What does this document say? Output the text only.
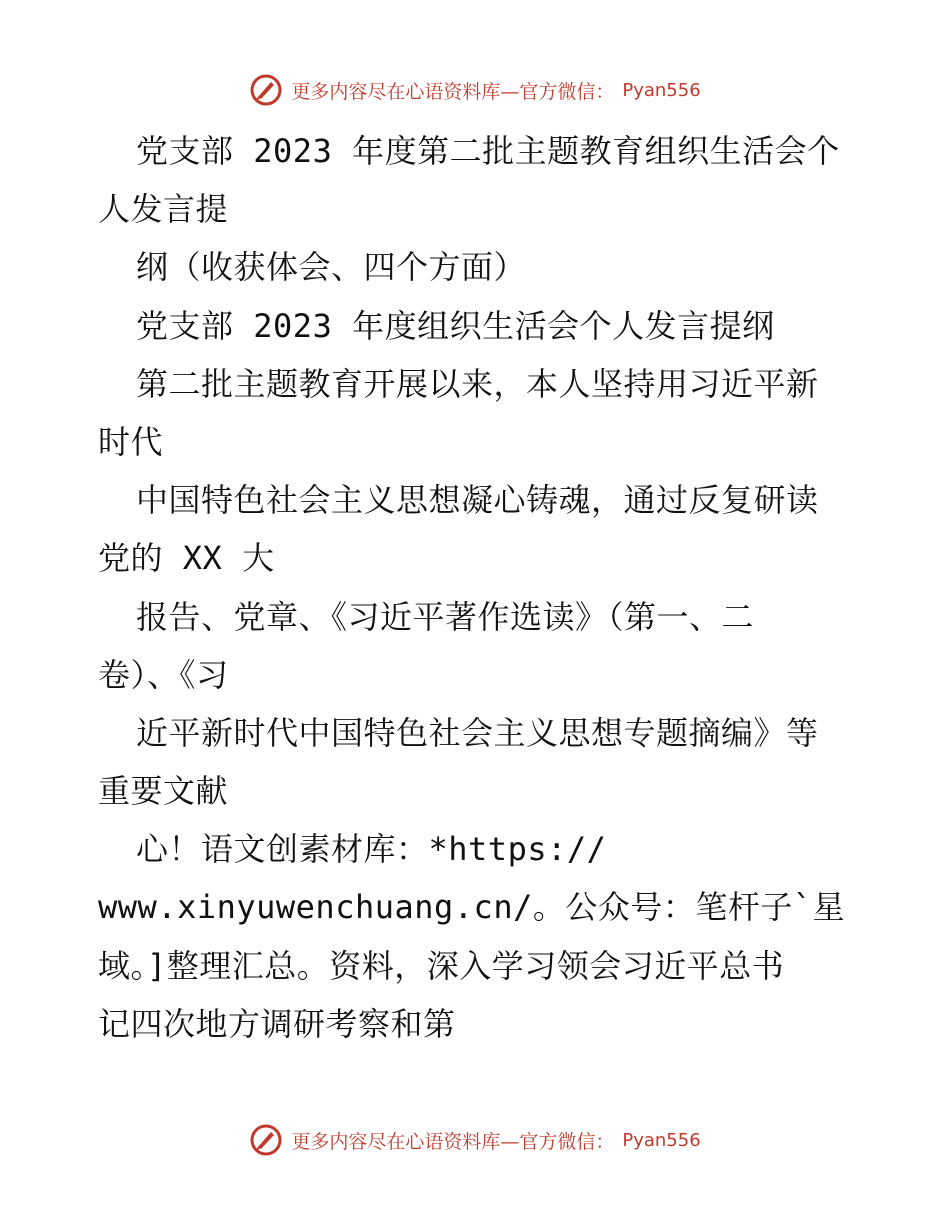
更多内容尽在心语资料库—官方微信： Pyan556
党支部 2023 年度第二批主题教育组织生活会个
人发言提
纲（收获体会、四个方面）
党支部 2023 年度组织生活会个人发言提纲
第二批主题教育开展以来，本人坚持用习近平新
时代
中国特色社会主义思想凝心铸魂，通过反复研读
党的 XX 大
报告、党章、《习近平著作选读》（第一、二
卷）、《习
近平新时代中国特色社会主义思想专题摘编》等
重要文献
心！语文创素材库：*https://
www.xinyuwenchuang.cn/。公众号：笔杆子`星
域。]整理汇总。资料，深入学习领会习近平总书
记四次地方调研考察和第
更多内容尽在心语资料库—官方微信： Pyan556
